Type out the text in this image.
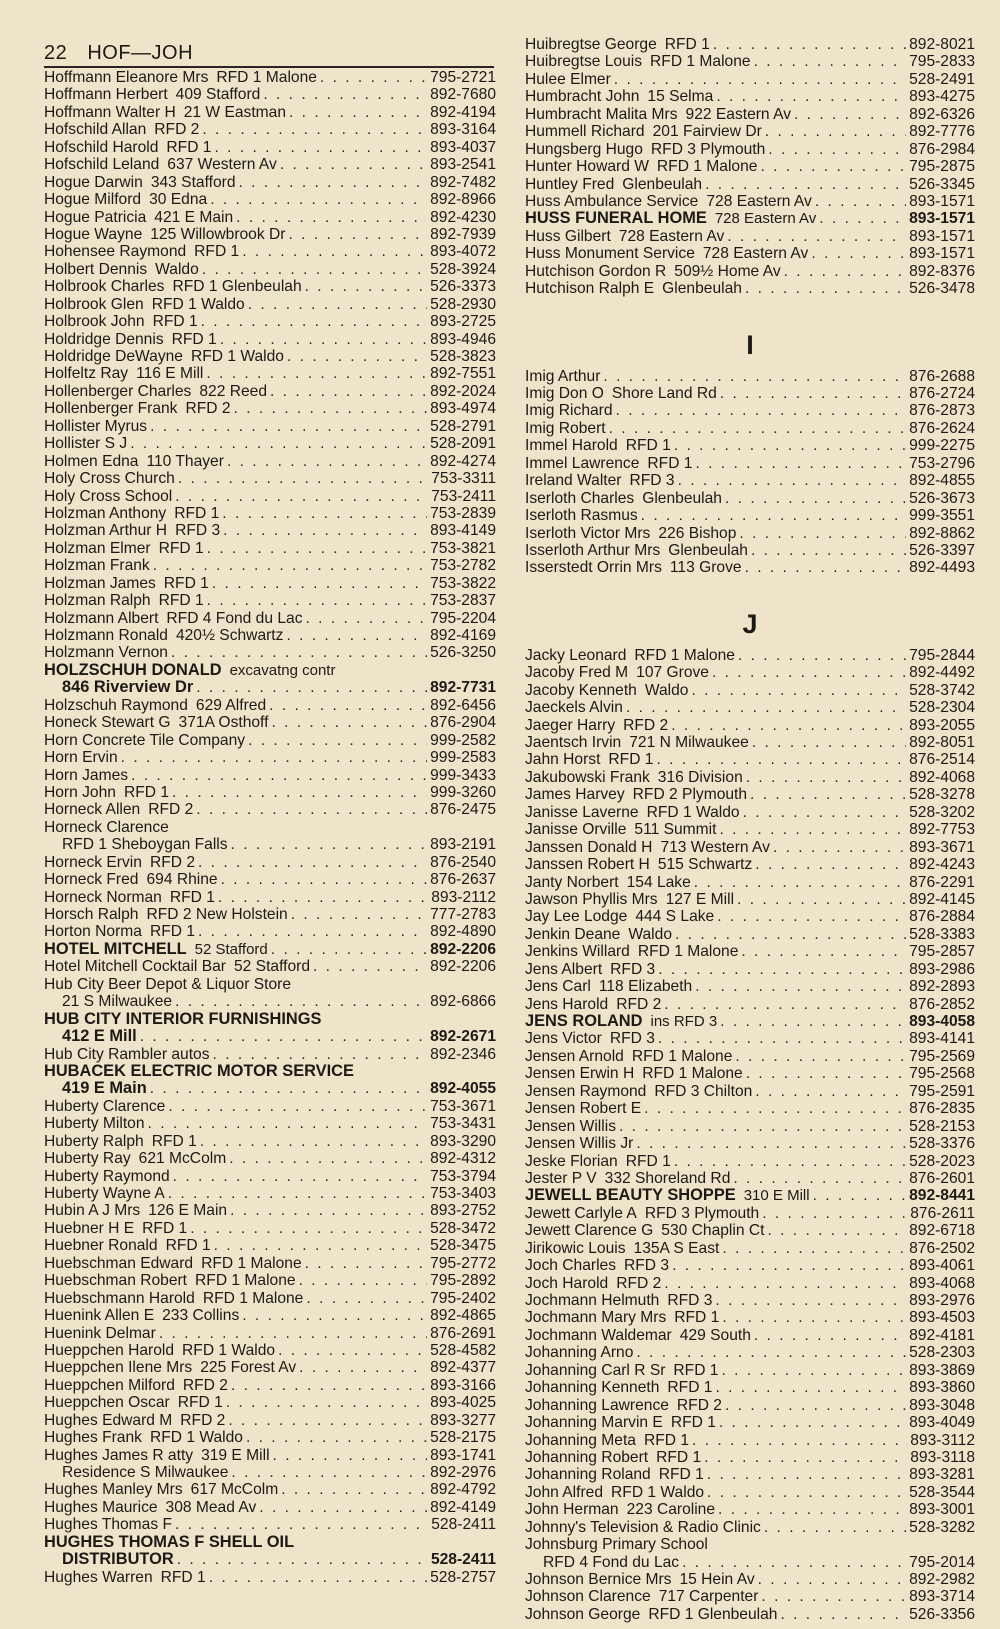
22 HOF—JOH
Hoffmann Eleanore Mrs RFD 1 Malone . . .	795-2721
Hoffmann Herbert 409 Stafford . . .	892-7680
Hoffmann Walter H 21 W Eastman . . .	892-4194
Hofschild Allan RFD 2 . . .	893-3164
Hofschild Harold RFD 1 . . .	893-4037
Hofschild Leland 637 Western Av . . .	893-2541
Hogue Darwin 343 Stafford . . .	892-7482
Hogue Milford 30 Edna . . .	892-8966
Hogue Patricia 421 E Main . . .	892-4230
Hogue Wayne 125 Willowbrook Dr . . .	892-7939
Hohensee Raymond RFD 1 . . .	893-4072
Holbert Dennis Waldo . . .	528-3924
Holbrook Charles RFD 1 Glenbeulah . . .	526-3373
Holbrook Glen RFD 1 Waldo . . .	528-2930
Holbrook John RFD 1 . . .	893-2725
Holdridge Dennis RFD 1 . . .	893-4946
Holdridge DeWayne RFD 1 Waldo . . .	528-3823
Holfeltz Ray 116 E Mill . . .	892-7551
Hollenberger Charles 822 Reed . . .	892-2024
Hollenberger Frank RFD 2 . . .	893-4974
Hollister Myrus . . .	528-2791
Hollister S J . . .	528-2091
Holmen Edna 110 Thayer . . .	892-4274
Holy Cross Church . . .	753-3311
Holy Cross School . . .	753-2411
Holzman Anthony RFD 1 . . .	753-2839
Holzman Arthur H RFD 3 . . .	893-4149
Holzman Elmer RFD 1 . . .	753-3821
Holzman Frank . . .	753-2782
Holzman James RFD 1 . . .	753-3822
Holzman Ralph RFD 1 . . .	753-2837
Holzmann Albert RFD 4 Fond du Lac . . .	795-2204
Holzmann Ronald 420½ Schwartz . . .	892-4169
Holzmann Vernon . . .	526-3250
HOLZSCHUH DONALD excavatng contr
846 Riverview Dr . . .	892-7731
Holzschuh Raymond 629 Alfred . . .	892-6456
Honeck Stewart G 371A Osthoff . . .	876-2904
Horn Concrete Tile Company . . .	999-2582
Horn Ervin . . .	999-2583
Horn James . . .	999-3433
Horn John RFD 1 . . .	999-3260
Horneck Allen RFD 2 . . .	876-2475
Horneck Clarence
RFD 1 Sheboygan Falls . . .	893-2191
Horneck Ervin RFD 2 . . .	876-2540
Horneck Fred 694 Rhine . . .	876-2637
Horneck Norman RFD 1 . . .	893-2112
Horsch Ralph RFD 2 New Holstein . . .	777-2783
Horton Norma RFD 1 . . .	892-4890
HOTEL MITCHELL 52 Stafford . . .	892-2206
Hotel Mitchell Cocktail Bar 52 Stafford . . .	892-2206
Hub City Beer Depot & Liquor Store
21 S Milwaukee . . .	892-6866
HUB CITY INTERIOR FURNISHINGS
412 E Mill . . .	892-2671
Hub City Rambler autos . . .	892-2346
HUBACEK ELECTRIC MOTOR SERVICE
419 E Main . . .	892-4055
Huberty Clarence . . .	753-3671
Huberty Milton . . .	753-3431
Huberty Ralph RFD 1 . . .	893-3290
Huberty Ray 621 McColm . . .	892-4312
Huberty Raymond . . .	753-3794
Huberty Wayne A . . .	753-3403
Hubin A J Mrs 126 E Main . . .	893-2752
Huebner H E RFD 1 . . .	528-3472
Huebner Ronald RFD 1 . . .	528-3475
Huebschman Edward RFD 1 Malone . . .	795-2772
Huebschman Robert RFD 1 Malone . . .	795-2892
Huebschmann Harold RFD 1 Malone . . .	795-2402
Huenink Allen E 233 Collins . . .	892-4865
Huenink Delmar . . .	876-2691
Hueppchen Harold RFD 1 Waldo . . .	528-4582
Hueppchen Ilene Mrs 225 Forest Av . . .	892-4377
Hueppchen Milford RFD 2 . . .	893-3166
Hueppchen Oscar RFD 1 . . .	893-4025
Hughes Edward M RFD 2 . . .	893-3277
Hughes Frank RFD 1 Waldo . . .	528-2175
Hughes James R atty 319 E Mill . . .	893-1741
Residence S Milwaukee . . .	892-2976
Hughes Manley Mrs 617 McColm . . .	892-4792
Hughes Maurice 308 Mead Av . . .	892-4149
Hughes Thomas F . . .	528-2411
HUGHES THOMAS F SHELL OIL
DISTRIBUTOR . . .	528-2411
Hughes Warren RFD 1 . . .	528-2757
Huibregtse George RFD 1 . . .	892-8021
Huibregtse Louis RFD 1 Malone . . .	795-2833
Hulee Elmer . . .	528-2491
Humbracht John 15 Selma . . .	893-4275
Humbracht Malita Mrs 922 Eastern Av . . .	892-6326
Hummell Richard 201 Fairview Dr . . .	892-7776
Hungsberg Hugo RFD 3 Plymouth . . .	876-2984
Hunter Howard W RFD 1 Malone . . .	795-2875
Huntley Fred Glenbeulah . . .	526-3345
Huss Ambulance Service 728 Eastern Av . . .	893-1571
HUSS FUNERAL HOME 728 Eastern Av . . .	893-1571
Huss Gilbert 728 Eastern Av . . .	893-1571
Huss Monument Service 728 Eastern Av . . .	893-1571
Hutchison Gordon R 509½ Home Av . . .	892-8376
Hutchison Ralph E Glenbeulah . . .	526-3478
I
Imig Arthur . . .	876-2688
Imig Don O Shore Land Rd . . .	876-2724
Imig Richard . . .	876-2873
Imig Robert . . .	876-2624
Immel Harold RFD 1 . . .	999-2275
Immel Lawrence RFD 1 . . .	753-2796
Ireland Walter RFD 3 . . .	892-4855
Iserloth Charles Glenbeulah . . .	526-3673
Iserloth Rasmus . . .	999-3551
Iserloth Victor Mrs 226 Bishop . . .	892-8862
Isserloth Arthur Mrs Glenbeulah . . .	526-3397
Isserstedt Orrin Mrs 113 Grove . . .	892-4493
J
Jacky Leonard RFD 1 Malone . . .	795-2844
Jacoby Fred M 107 Grove . . .	892-4492
Jacoby Kenneth Waldo . . .	528-3742
Jaeckels Alvin . . .	528-2304
Jaeger Harry RFD 2 . . .	893-2055
Jaentsch Irvin 721 N Milwaukee . . .	892-8051
Jahn Horst RFD 1 . . .	876-2514
Jakubowski Frank 316 Division . . .	892-4068
James Harvey RFD 2 Plymouth . . .	528-3278
Janisse Laverne RFD 1 Waldo . . .	528-3202
Janisse Orville 511 Summit . . .	892-7753
Janssen Donald H 713 Western Av . . .	893-3671
Janssen Robert H 515 Schwartz . . .	892-4243
Janty Norbert 154 Lake . . .	876-2291
Jawson Phyllis Mrs 127 E Mill . . .	892-4145
Jay Lee Lodge 444 S Lake . . .	876-2884
Jenkin Deane Waldo . . .	528-3383
Jenkins Willard RFD 1 Malone . . .	795-2857
Jens Albert RFD 3 . . .	893-2986
Jens Carl 118 Elizabeth . . .	892-2893
Jens Harold RFD 2 . . .	876-2852
JENS ROLAND ins RFD 3 . . .	893-4058
Jens Victor RFD 3 . . .	893-4141
Jensen Arnold RFD 1 Malone . . .	795-2569
Jensen Erwin H RFD 1 Malone . . .	795-2568
Jensen Raymond RFD 3 Chilton . . .	795-2591
Jensen Robert E . . .	876-2835
Jensen Willis . . .	528-2153
Jensen Willis Jr . . .	528-3376
Jeske Florian RFD 1 . . .	528-2023
Jester P V 332 Shoreland Rd . . .	876-2601
JEWELL BEAUTY SHOPPE 310 E Mill . . .	892-8441
Jewett Carlyle A RFD 3 Plymouth . . .	876-2611
Jewett Clarence G 530 Chaplin Ct . . .	892-6718
Jirikowic Louis 135A S East . . .	876-2502
Joch Charles RFD 3 . . .	893-4061
Joch Harold RFD 2 . . .	893-4068
Jochmann Helmuth RFD 3 . . .	893-2976
Jochmann Mary Mrs RFD 1 . . .	893-4503
Jochmann Waldemar 429 South . . .	892-4181
Johanning Arno . . .	528-2303
Johanning Carl R Sr RFD 1 . . .	893-3869
Johanning Kenneth RFD 1 . . .	893-3860
Johanning Lawrence RFD 2 . . .	893-3048
Johanning Marvin E RFD 1 . . .	893-4049
Johanning Meta RFD 1 . . .	893-3112
Johanning Robert RFD 1 . . .	893-3118
Johanning Roland RFD 1 . . .	893-3281
John Alfred RFD 1 Waldo . . .	528-3544
John Herman 223 Caroline . . .	893-3001
Johnny's Television & Radio Clinic . . .	528-3282
Johnsburg Primary School
RFD 4 Fond du Lac . . .	795-2014
Johnson Bernice Mrs 15 Hein Av . . .	892-2982
Johnson Clarence 717 Carpenter . . .	893-3714
Johnson George RFD 1 Glenbeulah . . .	526-3356
